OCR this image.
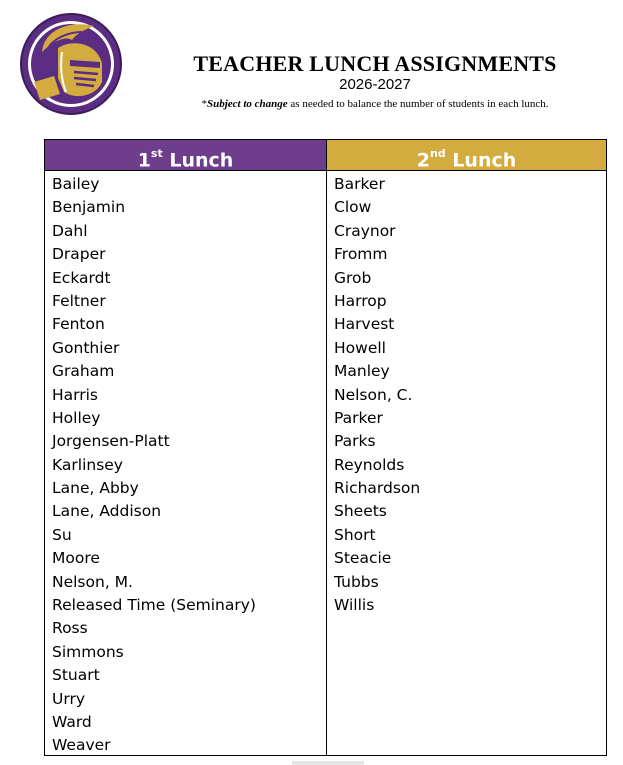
TEACHER LUNCH ASSIGNMENTS
2026-2027
*Subject to change as needed to balance the number of students in each lunch.
1st Lunch
Bailey
Benjamin
Dahl
Draper
Eckardt
Feltner
Fenton
Gonthier
Graham
Harris
Holley
Jorgensen-Platt
Karlinsey
Lane, Abby
Lane, Addison
Su
Moore
Nelson, M.
Released Time (Seminary)
Ross
Simmons
Stuart
Urry
Ward
Weaver
2nd Lunch
Barker
Clow
Craynor
Fromm
Grob
Harrop
Harvest
Howell
Manley
Nelson, C.
Parker
Parks
Reynolds
Richardson
Sheets
Short
Steacie
Tubbs
Willis
